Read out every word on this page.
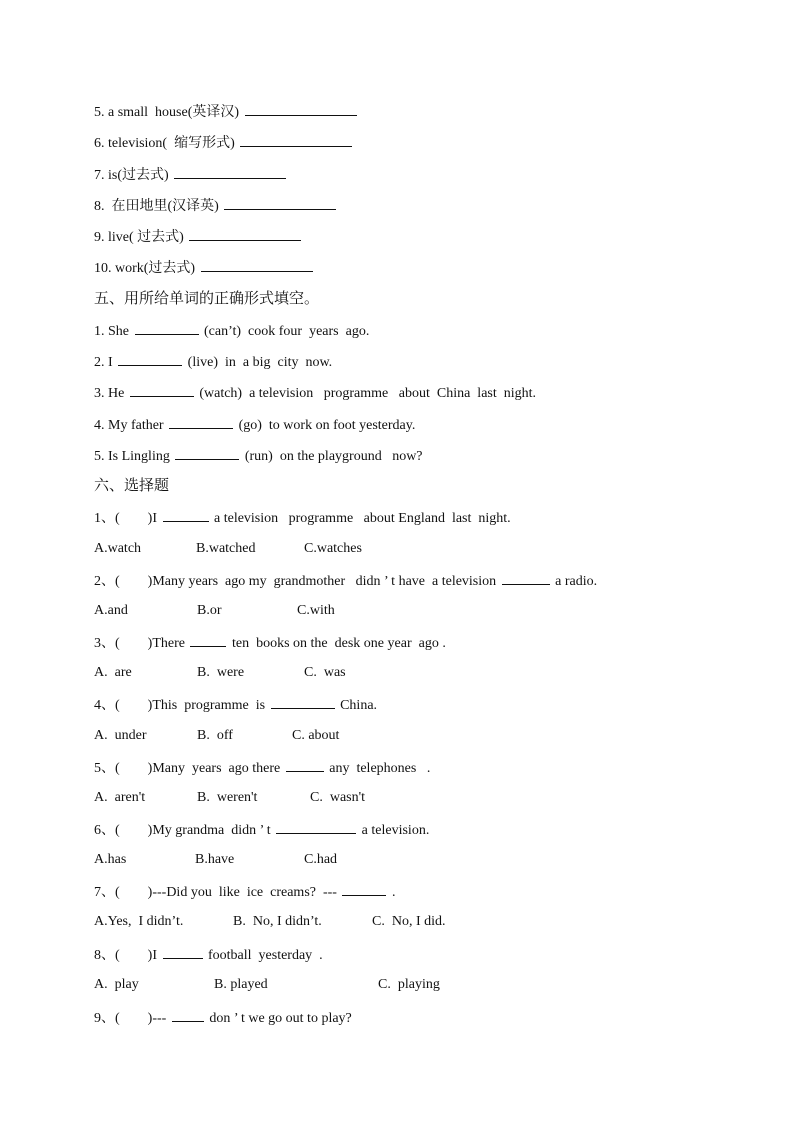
5. a small  house(英译汉)
6. television(  缩写形式)
7. is(过去式)
8.  在田地里(汉译英)
9. live( 过去式)
10. work(过去式)
五、用所给单词的正确形式填空。
1. She	(can’t)  cook four  years  ago.
2. I	(live)  in  a big  city  now.
3. He	(watch)  a television   programme   about  China  last  night.
4. My father	(go)  to work on foot yesterday.
5. Is Lingling	(run)  on the playground   now?
六、选择题
1、( )I	a television   programme   about England  last  night.
A.watch	B.watched	C.watches
2、( )Many years  ago my  grandmother   didn ’ t have  a television	a radio.
A.and	B.or	C.with
3、( )There	ten  books on the  desk one year  ago .
A.  are	B.  were	C.  was
4、( )This  programme  is	China.
A.  under	B.  off	C. about
5、( )Many  years  ago there	any  telephones   .
A.  aren't	B.  weren't	C.  wasn't
6、( )My grandma  didn ’ t	a television.
A.has	B.have	C.had
7、( )---Did you  like  ice  creams?  ---	.
A.Yes,  I didn’t.	B.  No, I didn’t.	C.  No, I did.
8、( )I	football  yesterday  .
A.  play	B. played	C.  playing
9、( )---	don ’ t we go out to play?
